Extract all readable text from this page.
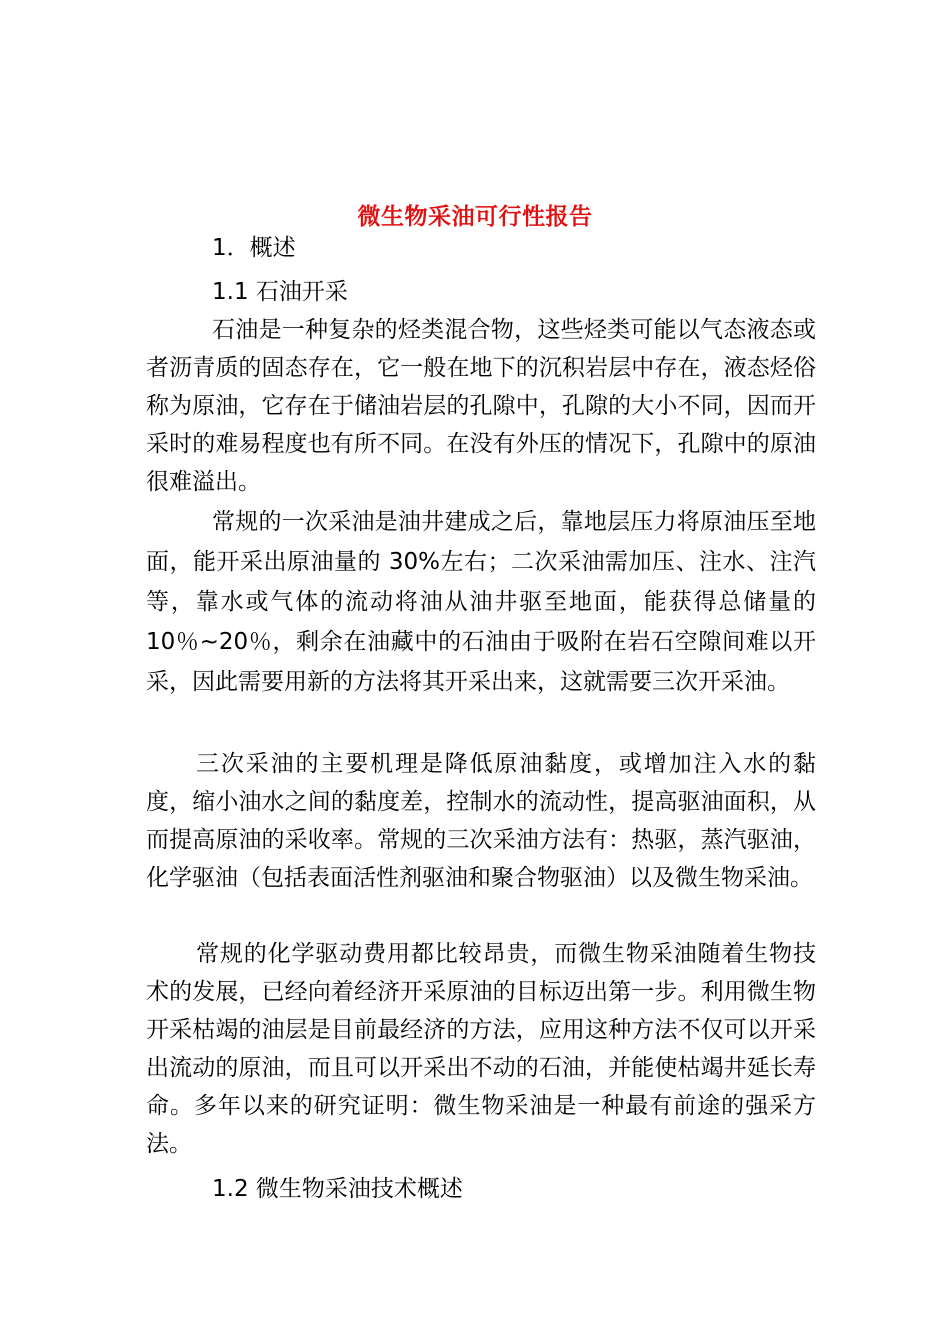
微生物采油可行性报告
1．概述
1.1 石油开采
石油是一种复杂的烃类混合物，这些烃类可能以气态液态或者沥青质的固态存在，它一般在地下的沉积岩层中存在，液态烃俗称为原油，它存在于储油岩层的孔隙中，孔隙的大小不同，因而开采时的难易程度也有所不同。在没有外压的情况下，孔隙中的原油很难溢出。
常规的一次采油是油井建成之后，靠地层压力将原油压至地面，能开采出原油量的 30%左右；二次采油需加压、注水、注汽等，靠水或气体的流动将油从油井驱至地面，能获得总储量的 10％~20％，剩余在油藏中的石油由于吸附在岩石空隙间难以开采，因此需要用新的方法将其开采出来，这就需要三次开采油。
三次采油的主要机理是降低原油黏度，或增加注入水的黏度，缩小油水之间的黏度差，控制水的流动性，提高驱油面积，从而提高原油的采收率。常规的三次采油方法有：热驱，蒸汽驱油，化学驱油（包括表面活性剂驱油和聚合物驱油）以及微生物采油。
常规的化学驱动费用都比较昂贵，而微生物采油随着生物技术的发展，已经向着经济开采原油的目标迈出第一步。利用微生物开采枯竭的油层是目前最经济的方法，应用这种方法不仅可以开采出流动的原油，而且可以开采出不动的石油，并能使枯竭井延长寿命。多年以来的研究证明：微生物采油是一种最有前途的强采方法。
1.2 微生物采油技术概述
